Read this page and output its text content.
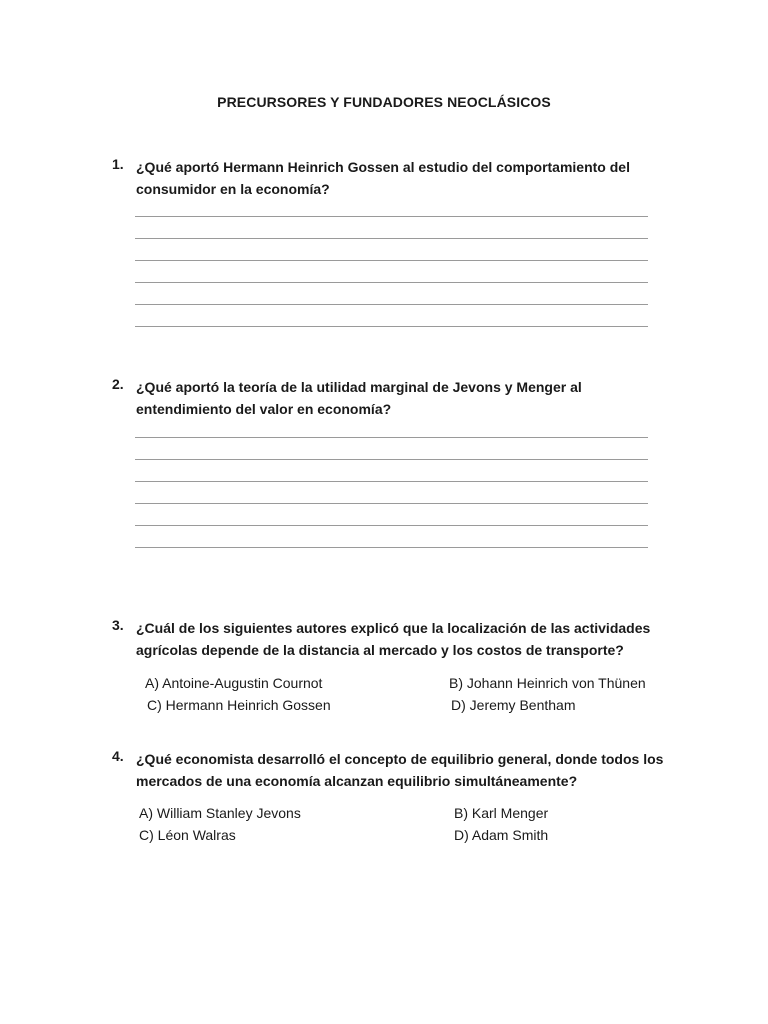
PRECURSORES Y FUNDADORES NEOCLÁSICOS
1. ¿Qué aportó Hermann Heinrich Gossen al estudio del comportamiento del consumidor en la economía?
2. ¿Qué aportó la teoría de la utilidad marginal de Jevons y Menger al entendimiento del valor en economía?
3. ¿Cuál de los siguientes autores explicó que la localización de las actividades agrícolas depende de la distancia al mercado y los costos de transporte?
A) Antoine-Augustin Cournot	B) Johann Heinrich von Thünen
C) Hermann Heinrich Gossen	D) Jeremy Bentham
4. ¿Qué economista desarrolló el concepto de equilibrio general, donde todos los mercados de una economía alcanzan equilibrio simultáneamente?
A) William Stanley Jevons	B) Karl Menger
C) Léon Walras	D) Adam Smith
